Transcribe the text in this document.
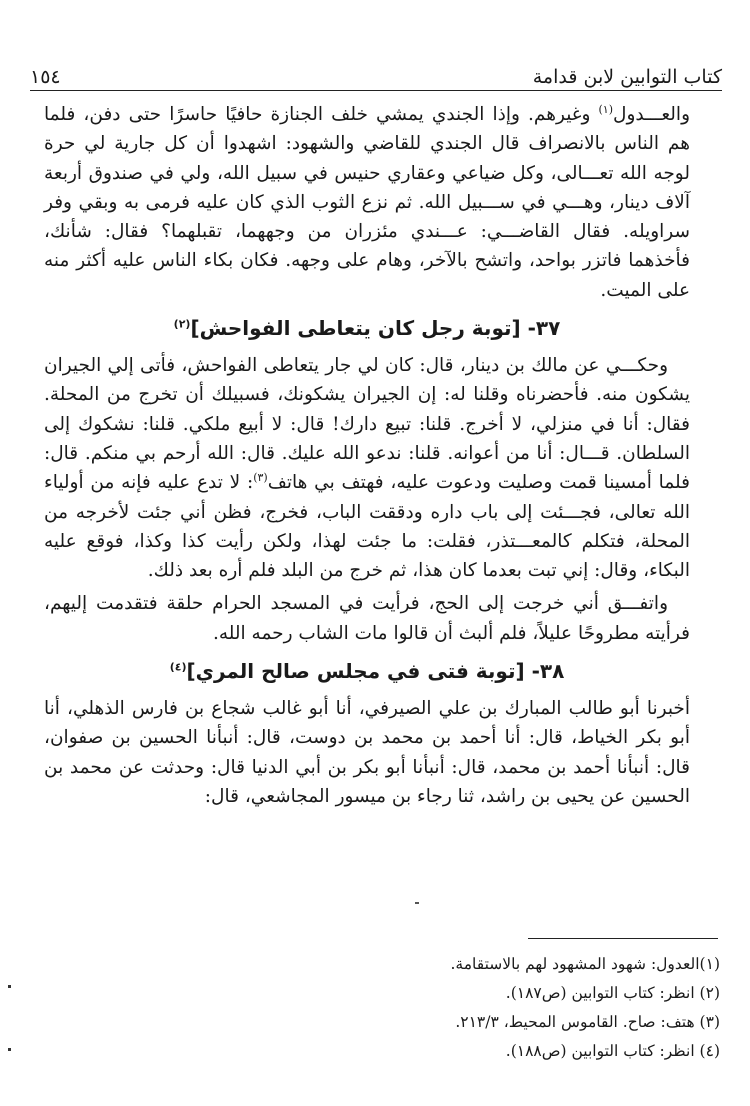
كتاب التوابين لابن قدامة
١٥٤

والعـــدول$^{(١)}$ وغيرهم. وإذا الجندي يمشي خلف الجنازة حافيًا حاسرًا حتى دفن، فلما هم الناس بالانصراف قال الجندي للقاضي والشهود: اشهدوا أن كل جارية لي حرة لوجه الله تعـــالى، وكل ضياعي وعقاري حنيس في سبيل الله، ولي في صندوق أربعة آلاف دينار، وهـــي في ســـبيل الله. ثم نزع الثوب الذي كان عليه فرمى به وبقي وفر سراويله. فقال القاضـــي: عـــندي مئزران من وجههما، تقبلهما؟ فقال: شأنك، فأخذهما فاتزر بواحد، واتشح بالآخر، وهام على وجهه. فكان بكاء الناس عليه أكثر منه على الميت.

٣٧- [توبة رجل كان يتعاطى الفواحش]$^{(٢)}$

وحكـــي عن مالك بن دينار، قال: كان لي جار يتعاطى الفواحش، فأتى إلي الجيران يشكون منه. فأحضرناه وقلنا له: إن الجيران يشكونك، فسبيلك أن تخرج من المحلة. فقال: أنا في منزلي، لا أخرج. قلنا: تبيع دارك! قال: لا أبيع ملكي. قلنا: نشكوك إلى السلطان. قـــال: أنا من أعوانه. قلنا: ندعو الله عليك. قال: الله أرحم بي منكم. قال: فلما أمسينا قمت وصليت ودعوت عليه، فهتف بي هاتف$^{(٣)}$: لا تدع عليه فإنه من أولياء الله تعالى، فجـــئت إلى باب داره ودققت الباب، فخرج، فظن أني جئت لأخرجه من المحلة، فتكلم كالمعـــتذر، فقلت: ما جئت لهذا، ولكن رأيت كذا وكذا، فوقع عليه البكاء، وقال: إني تبت بعدما كان هذا، ثم خرج من البلد فلم أره بعد ذلك.

واتفـــق أني خرجت إلى الحج، فرأيت في المسجد الحرام حلقة فتقدمت إليهم، فرأيته مطروحًا عليلاً، فلم ألبث أن قالوا مات الشاب رحمه الله.

٣٨- [توبة فتى في مجلس صالح المري]$^{(٤)}$

أخبرنا أبو طالب المبارك بن علي الصيرفي، أنا أبو غالب شجاع بن فارس الذهلي، أنا أبو بكر الخياط، قال: أنا أحمد بن محمد بن دوست، قال: أنبأنا الحسين بن صفوان، قال: أنبأنا أحمد بن محمد، قال: أنبأنا أبو بكر بن أبي الدنيا قال: وحدثت عن محمد بن الحسين عن يحيى بن راشد، ثنا رجاء بن ميسور المجاشعي، قال:

(١)العدول: شهود المشهود لهم بالاستقامة.
(٢) انظر: كتاب التوابين (ص١٨٧).
(٣) هتف: صاح. القاموس المحيط، ٢١٣/٣.
(٤) انظر: كتاب التوابين (ص١٨٨).
